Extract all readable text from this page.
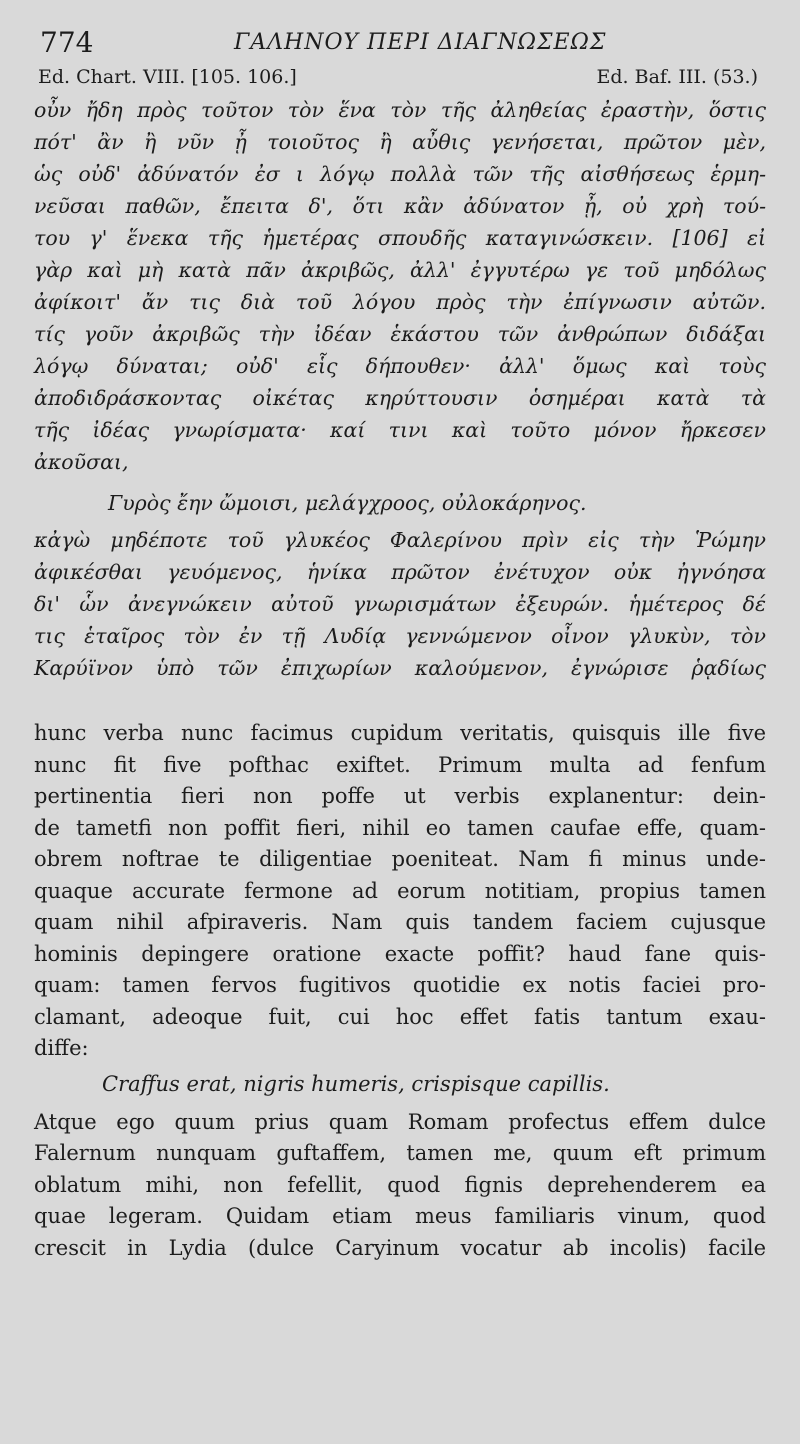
774	ΓΑΛΗΝΟΥ ΠΕΡΙ ΔΙΑΓΝΩΣΕΩΣ
Ed. Chart. VIII. [105. 106.]	Ed. Baf. III. (53.)
οὖν ἤδη πρὸς τοῦτον τὸν ἕνα τὸν τῆς ἀληθείας ἐραστὴν, ὅστις
πότ' ἂν ἢ νῦν ᾖ τοιοῦτος ἢ αὖθις γενήσεται, πρῶτον μὲν,
ὡς οὐδ' ἀδύνατόν ἐσ ι λόγῳ πολλὰ τῶν τῆς αἰσθήσεως ἑρμη-
νεῦσαι παθῶν, ἔπειτα δ', ὅτι κἂν ἀδύνατον ᾖ, οὐ χρὴ τού-
του γ' ἕνεκα τῆς ἡμετέρας σπουδῆς καταγινώσκειν. [106] εἰ
γὰρ καὶ μὴ κατὰ πᾶν ἀκριβῶς, ἀλλ' ἐγγυτέρω γε τοῦ μηδόλως
ἀφίκοιτ' ἄν τις διὰ τοῦ λόγου πρὸς τὴν ἐπίγνωσιν αὐτῶν.
τίς γοῦν ἀκριβῶς τὴν ἰδέαν ἑκάστου τῶν ἀνθρώπων διδάξαι
λόγῳ δύναται; οὐδ' εἷς δήπουθεν· ἀλλ' ὅμως καὶ τοὺς
ἀποδιδράσκοντας οἰκέτας κηρύττουσιν ὁσημέραι κατὰ τὰ
τῆς ἰδέας γνωρίσματα· καί τινι καὶ τοῦτο μόνον ἤρκεσεν
ἀκοῦσαι,
Γυρὸς ἔην ὤμοισι, μελάγχροος, οὐλοκάρηνος.
κἀγὼ μηδέποτε τοῦ γλυκέος Φαλερίνου πρὶν εἰς τὴν Ῥώμην
ἀφικέσθαι γευόμενος, ἡνίκα πρῶτον ἐνέτυχον οὐκ ἠγνόησα
δι' ὧν ἀνεγνώκειν αὐτοῦ γνωρισμάτων ἐξευρών. ἡμέτερος δέ
τις ἑταῖρος τὸν ἐν τῇ Λυδίᾳ γεννώμενον οἶνον γλυκὺν, τὸν
Καρύϊνον ὑπὸ τῶν ἐπιχωρίων καλούμενον, ἐγνώρισε ῥᾳδίως
hunc verba nunc facimus cupidum veritatis, quisquis ille five
nunc fit five pofthac exiftet. Primum multa ad fenfum
pertinentia fieri non poffe ut verbis explanentur: dein-
de tametfi non poffit fieri, nihil eo tamen caufae effe, quam-
obrem noftrae te diligentiae poeniteat. Nam fi minus unde-
quaque accurate fermone ad eorum notitiam, propius tamen
quam nihil afpiraveris. Nam quis tandem faciem cujusque
hominis depingere oratione exacte poffit? haud fane quis-
quam: tamen fervos fugitivos quotidie ex notis faciei pro-
clamant, adeoque fuit, cui hoc effet fatis tantum exau-
diffe:
Craffus erat, nigris humeris, crispisque capillis.
Atque ego quum prius quam Romam profectus effem dulce
Falernum nunquam guftaffem, tamen me, quum eft primum
oblatum mihi, non fefellit, quod fignis deprehenderem ea
quae legeram. Quidam etiam meus familiaris vinum, quod
crescit in Lydia (dulce Caryinum vocatur ab incolis) facile
